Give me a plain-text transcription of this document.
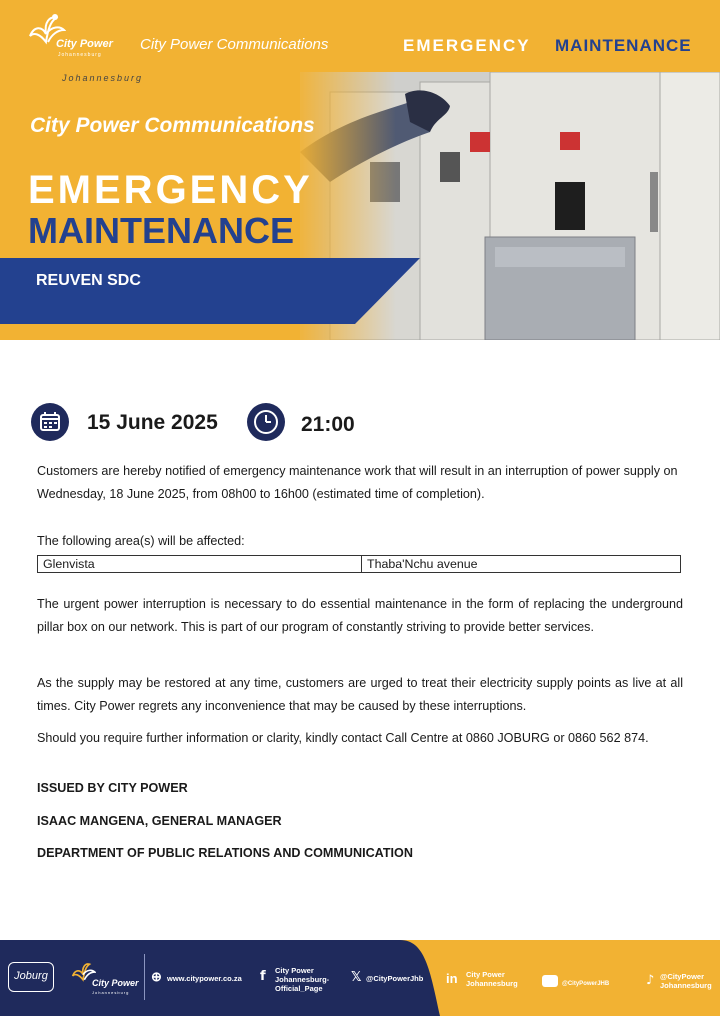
City Power
Johannesburg
City Power Communications	EMERGENCY MAINTENANCE
Johannesburg
City Power Communications
EMERGENCY
MAINTENANCE
REUVEN SDC
15 June 2025	21:00

Customers are hereby notified of emergency maintenance work that will result in an interruption of power supply on Wednesday, 18 June 2025, from 08h00 to 16h00 (estimated time of completion).

The following area(s) will be affected:

Glenvista	Thaba'Nchu avenue

The urgent power interruption is necessary to do essential maintenance in the form of replacing the underground pillar box on our network. This is part of our program of constantly striving to provide better services.

As the supply may be restored at any time, customers are urged to treat their electricity supply points as live at all times. City Power regrets any inconvenience that may be caused by these interruptions.

Should you require further information or clarity, kindly contact Call Centre at 0860 JOBURG or 0860 562 874.

ISSUED BY CITY POWER
ISAAC MANGENA, GENERAL MANAGER
DEPARTMENT OF PUBLIC RELATIONS AND COMMUNICATION
Joburg
City Power
Johannesburg
⊕ www.citypower.co.za f City Power
Johannesburg-
Official_Page
𝕏 @CityPowerJhb in City Power
Johannesburg	@CityPowerJHB	♪ @CityPower
Johannesburg
